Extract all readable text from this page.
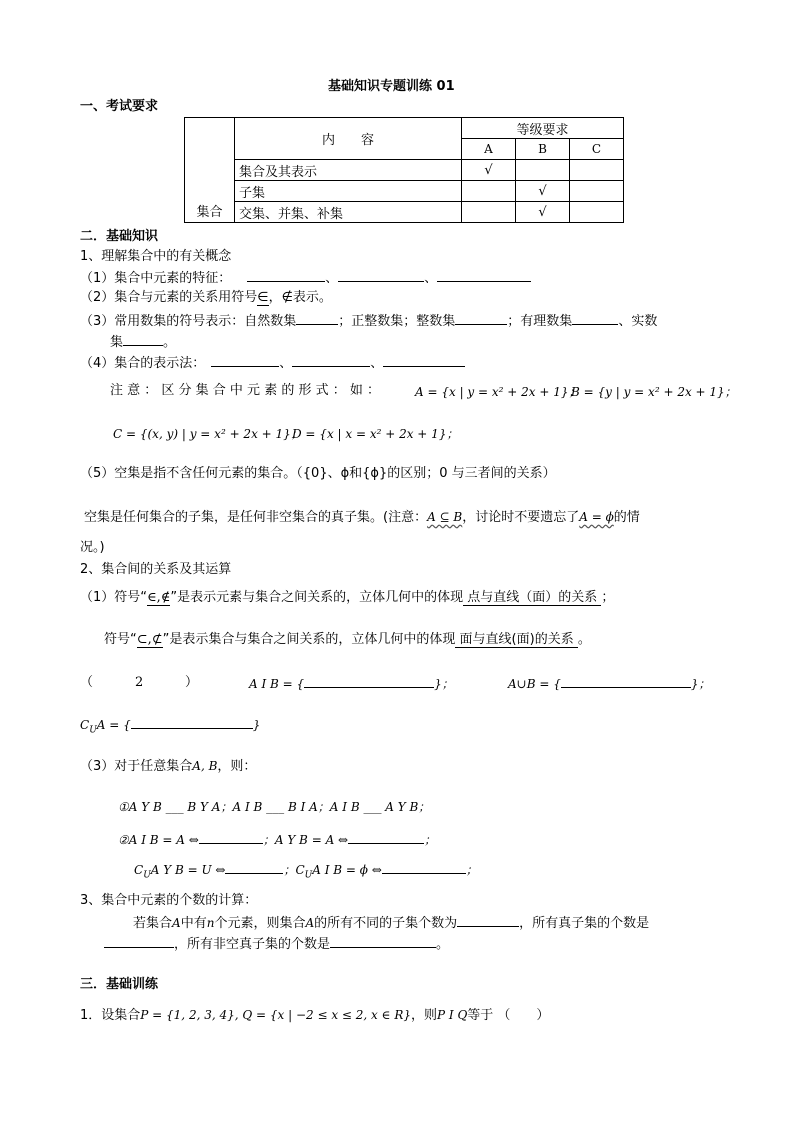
基础知识专题训练 01
一、考试要求
集合	内　　容	等级要求		
		A	B	C
	集合及其表示	√		
	子集		√	
	交集、并集、补集		√	
二．基础知识
1、理解集合中的有关概念
（1）集合中元素的特征：	、	、
（2）集合与元素的关系用符号∈，∉表示。
（3）常用数集的符号表示：自然数集	；正整数集；整数集	；有理数集	、实数
集	。
（4）集合的表示法：	、	、
注 意 ： 区 分 集 合 中 元 素 的 形 式 ： 如 ：	A = {x | y = x² + 2x + 1}；
B = {y | y = x² + 2x + 1}；
C = {(x, y) | y = x² + 2x + 1}；
D = {x | x = x² + 2x + 1}；
（5）空集是指不含任何元素的集合。（{0}、ϕ和{ϕ}的区别；0 与三者间的关系）
空集是任何集合的子集，是任何非空集合的真子集。(注意：A ⊆ B，讨论时不要遗忘了A = ϕ的情
况。)
2、集合间的关系及其运算
（1）符号“∈,∉”是表示元素与集合之间关系的，立体几何中的体现 点与直线（面）的关系 ；
符号“⊂,⊄”是表示集合与集合之间关系的，立体几何中的体现 面与直线(面)的关系 。
（	2	）	A I B = {	}；	A∪B = {	}；
$C_UA$ = {	}
（3）对于任意集合A, B，则：
①A Y B ___ B Y A；A I B ___ B I A；A I B ___ A Y B；
②A I B = A ⇔	；A Y B = A ⇔	；
$C_UA$ Y B = U ⇔	；$C_UA$ I B = ϕ ⇔	；
3、集合中元素的个数的计算：
若集合A中有n个元素，则集合A的所有不同的子集个数为	，所有真子集的个数是
，所有非空真子集的个数是	。
三．基础训练
1．设集合P = {1, 2, 3, 4}, Q = {x | −2 ≤ x ≤ 2, x ∈ R}，则P I Q等于 （　　）
